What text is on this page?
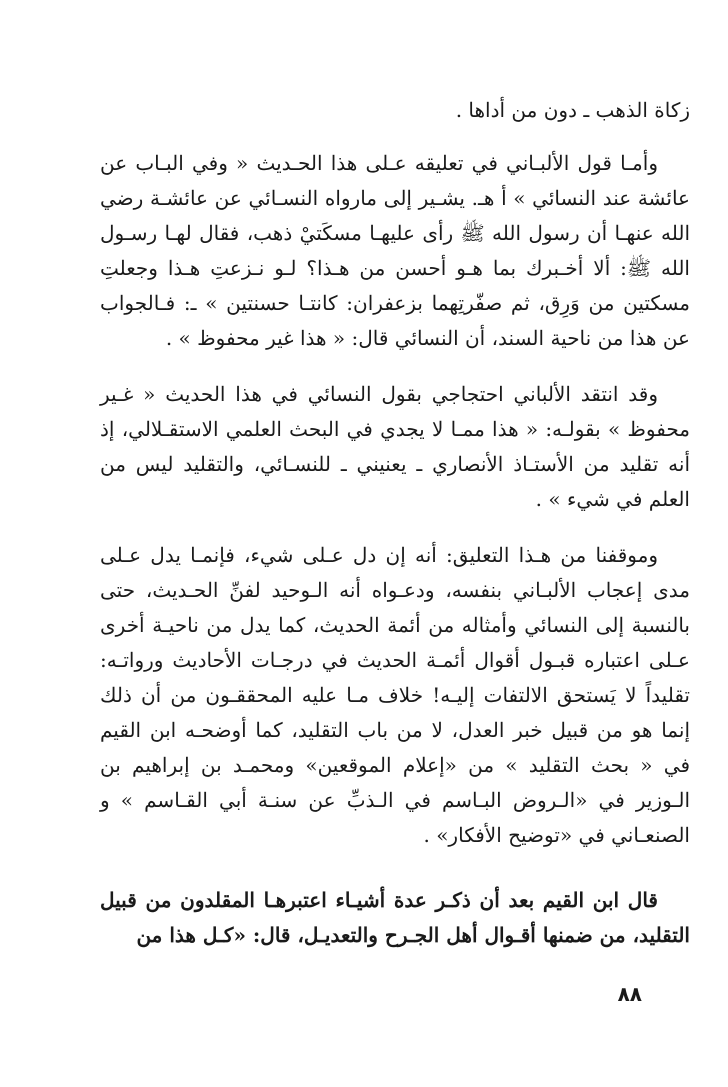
زكاة الذهب ـ دون من أداها .

وأمـا قول الألبـاني في تعليقه عـلى هذا الحـديث « وفي البـاب عن عائشة عند النسائي » أ هـ. يشـير إلى مارواه النسـائي عن عائشـة رضي الله عنهـا أن رسول الله ﷺ رأى عليهـا مسكَتيْ ذهب، فقال لهـا رسـول الله ﷺ: ألا أخـبرك بما هـو أحسن من هـذا؟ لـو نـزعتِ هـذا وجعلتِ مسكتين من وَرِق، ثم صفّرتِهما بزعفران: كانتـا حسنتين » ـ: فـالجواب عن هذا من ناحية السند، أن النسائي قال: « هذا غير محفوظ » .

وقد انتقد الألباني احتجاجي بقول النسائي في هذا الحديث « غـير محفوظ » بقولـه: « هذا ممـا لا يجدي في البحث العلمي الاستقـلالي، إذ أنه تقليد من الأستـاذ الأنصاري ـ يعنيني ـ للنسـائي، والتقليد ليس من العلم في شيء » .

وموقفنا من هـذا التعليق: أنه إن دل عـلى شيء، فإنمـا يدل عـلى مدى إعجاب الألبـاني بنفسه، ودعـواه أنه الـوحيد لفنِّ الحـديث، حتى بالنسبة إلى النسائي وأمثاله من أئمة الحديث، كما يدل من ناحيـة أخرى عـلى اعتباره قبـول أقوال أئمـة الحديث في درجـات الأحاديث ورواتـه: تقليداً لا يَستحق الالتفات إليـه! خلاف مـا عليه المحققـون من أن ذلك إنما هو من قبيل خبر العدل، لا من باب التقليد، كما أوضحـه ابن القيم في « بحث التقليد » من «إعلام الموقعين» ومحمـد بن إبراهيم بن الـوزير في «الـروض البـاسم في الـذبِّ عن سنـة أبي القـاسم » و الصنعـاني في «توضيح الأفكار» .

قال ابن القيم بعد أن ذكـر عدة أشيـاء اعتبرهـا المقلدون من قبيل التقليد، من ضمنها أقـوال أهل الجـرح والتعديـل، قال: «كـل هذا من

٨٨
